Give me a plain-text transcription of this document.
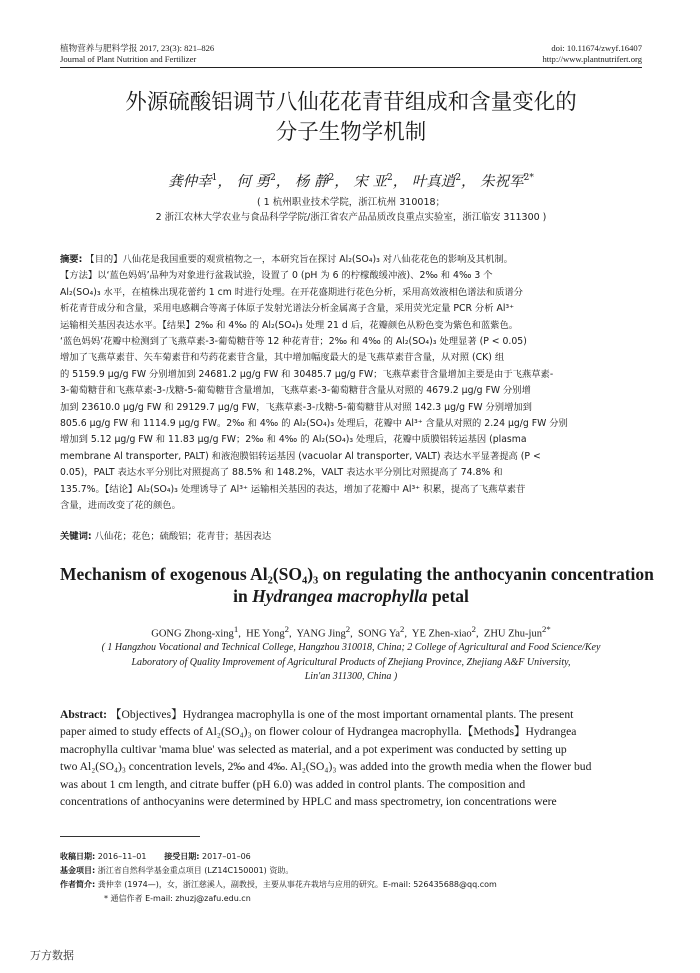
植物营养与肥料学报 2017, 23(3): 821–826
Journal of Plant Nutrition and Fertilizer
doi: 10.11674/zwyf.16407
http://www.plantnutrifert.org
外源硫酸铝调节八仙花花青苷组成和含量变化的
分子生物学机制
龚仲幸$^1$， 何 勇$^2$， 杨 静$^2$， 宋 亚$^2$， 叶真逍$^2$， 朱祝军$^{2*}$
( 1 杭州职业技术学院，浙江杭州 310018；
2 浙江农林大学农业与食品科学学院/浙江省农产品品质改良重点实验室，浙江临安 311300 )

摘要: 【目的】八仙花是我国重要的观赏植物之一，本研究旨在探讨 Al₂(SO₄)₃ 对八仙花花色的影响及其机制。

【方法】以‘蓝色妈妈’品种为对象进行盆栽试验，设置了 0 (pH 为 6 的柠檬酸缓冲液)、2‰ 和 4‰ 3 个

Al₂(SO₄)₃ 水平，在植株出现花蕾约 1 cm 时进行处理。在开花盛期进行花色分析，采用高效液相色谱法和质谱分

析花青苷成分和含量，采用电感耦合等离子体原子发射光谱法分析金属离子含量，采用荧光定量 PCR 分析 Al³⁺

运输相关基因表达水平。【结果】2‰ 和 4‰ 的 Al₂(SO₄)₃ 处理 21 d 后，花瓣颜色从粉色变为紫色和蓝紫色。

‘蓝色妈妈’花瓣中检测到了飞燕草素-3-葡萄糖苷等 12 种花青苷；2‰ 和 4‰ 的 Al₂(SO₄)₃ 处理显著 (P < 0.05)

增加了飞燕草素苷、矢车菊素苷和芍药花素苷含量，其中增加幅度最大的是飞燕草素苷含量，从对照 (CK) 组

的 5159.9 μg/g FW 分别增加到 24681.2 μg/g FW 和 30485.7 μg/g FW；飞燕草素苷含量增加主要是由于飞燕草素-

3-葡萄糖苷和飞燕草素-3-戊糖-5-葡萄糖苷含量增加，飞燕草素-3-葡萄糖苷含量从对照的 4679.2 μg/g FW 分别增

加到 23610.0 μg/g FW 和 29129.7 μg/g FW，飞燕草素-3-戊糖-5-葡萄糖苷从对照 142.3 μg/g FW 分别增加到

805.6 μg/g FW 和 1114.9 μg/g FW。2‰ 和 4‰ 的 Al₂(SO₄)₃ 处理后，花瓣中 Al³⁺ 含量从对照的 2.24 μg/g FW 分别

增加到 5.12 μg/g FW 和 11.83 μg/g FW；2‰ 和 4‰ 的 Al₂(SO₄)₃ 处理后，花瓣中质膜铝转运基因 (plasma

membrane Al transporter, PALT) 和液泡膜铝转运基因 (vacuolar Al transporter, VALT) 表达水平显著提高 (P <

0.05)，PALT 表达水平分别比对照提高了 88.5% 和 148.2%，VALT 表达水平分别比对照提高了 74.8% 和

135.7%。【结论】Al₂(SO₄)₃ 处理诱导了 Al³⁺ 运输相关基因的表达，增加了花瓣中 Al³⁺ 积累，提高了飞燕草素苷

含量，进而改变了花的颜色。

关键词: 八仙花；花色；硫酸铝；花青苷；基因表达
Mechanism of exogenous Al₂(SO₄)₃ on regulating the anthocyanin concentration
in Hydrangea macrophylla petal
GONG Zhong-xing$^1$,  HE Yong$^2$,  YANG Jing$^2$,  SONG Ya$^2$,  YE Zhen-xiao$^2$,  ZHU Zhu-jun$^{2*}$

( 1 Hangzhou Vocational and Technical College, Hangzhou 310018, China; 2 College of Agricultural and Food Science/Key

Laboratory of Quality Improvement of Agricultural Products of Zhejiang Province, Zhejiang A&F University,

Lin'an 311300, China )

Abstract: 【Objectives】Hydrangea macrophylla is one of the most important ornamental plants. The present

paper aimed to study effects of Al₂(SO₄)₃ on flower colour of Hydrangea macrophylla.【Methods】Hydrangea

macrophylla cultivar 'mama blue' was selected as material, and a pot experiment was conducted by setting up

two Al₂(SO₄)₃ concentration levels, 2‰ and 4‰. Al₂(SO₄)₃ was added into the growth media when the flower bud

was about 1 cm length, and citrate buffer (pH 6.0) was added in control plants. The composition and

concentrations of anthocyanins were determined by HPLC and mass spectrometry, ion concentrations were

收稿日期: 2016–11–01 接受日期: 2017–01–06

基金项目: 浙江省自然科学基金重点项目 (LZ14C150001) 资助。

作者简介: 龚仲幸 (1974—)，女，浙江慈溪人，副教授，主要从事花卉栽培与应用的研究。E-mail: 526435688@qq.com

* 通信作者 E-mail: zhuzj@zafu.edu.cn

万方数据
